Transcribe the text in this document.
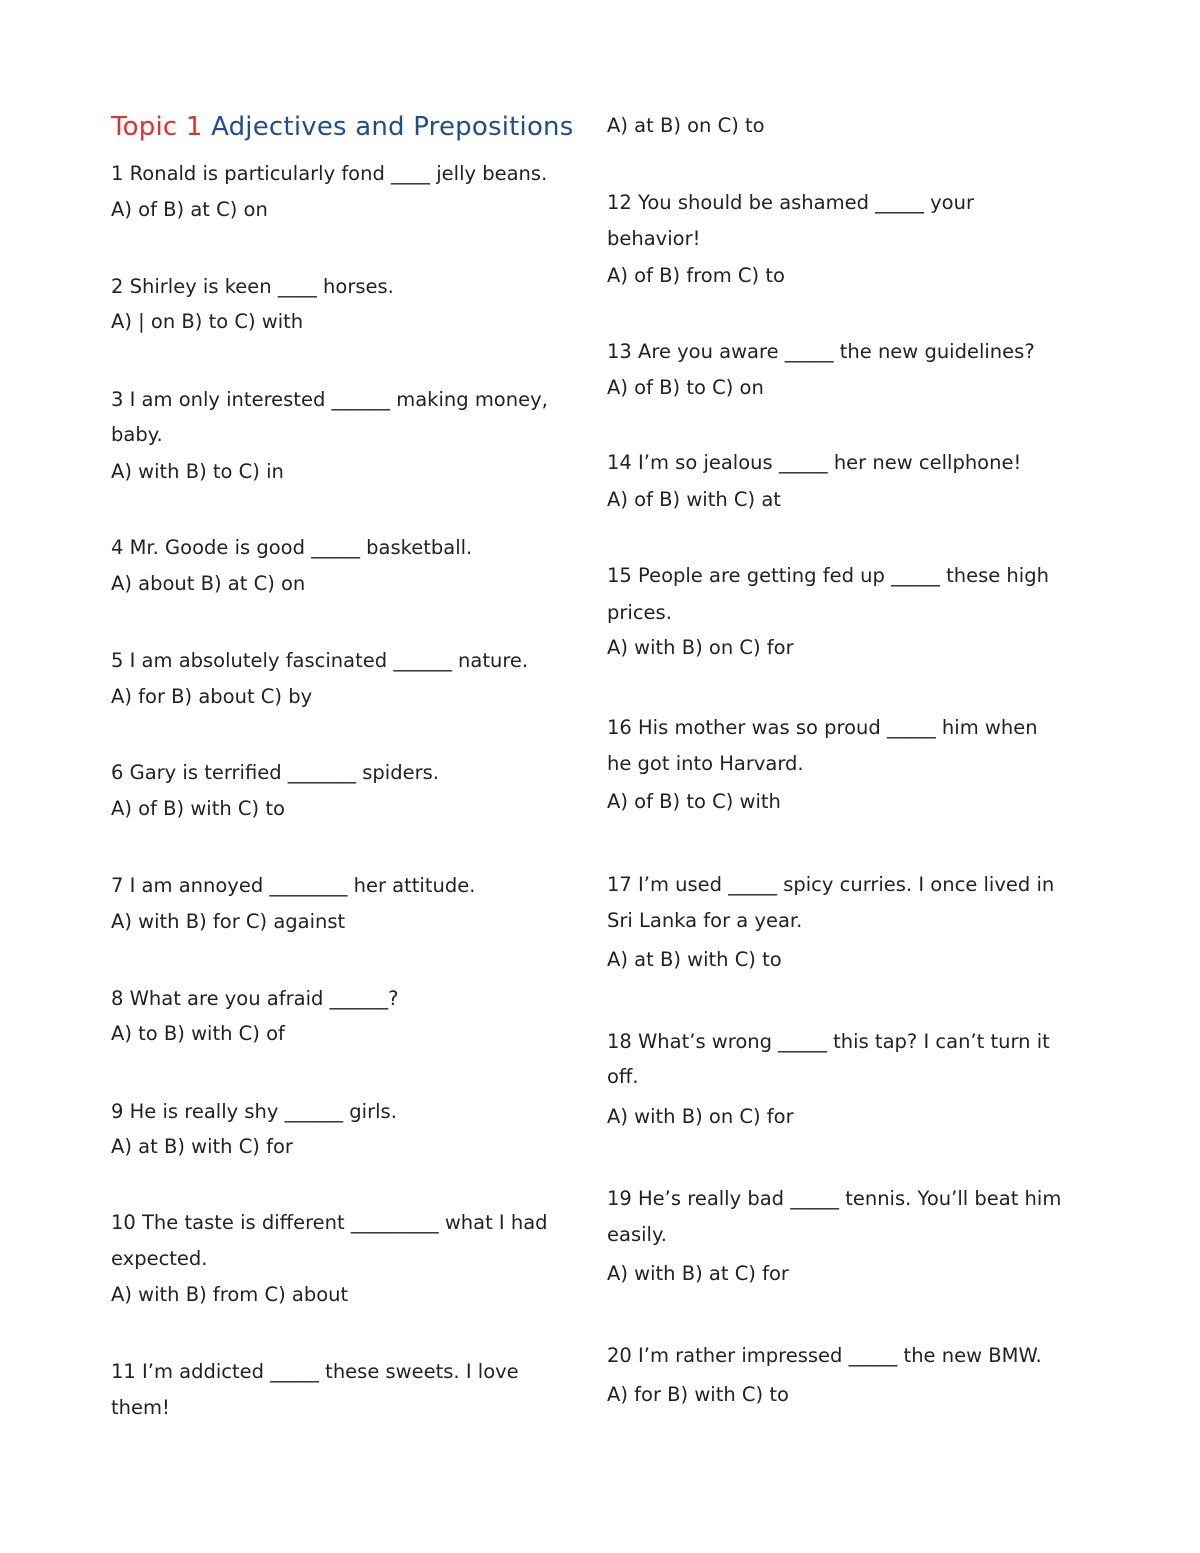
Topic 1 Adjectives and Prepositions
1 Ronald is particularly fond ____ jelly beans.
A) of B) at C) on
2 Shirley is keen ____ horses.
A) | on B) to C) with
3 I am only interested ______ making money,
baby.
A) with B) to C) in
4 Mr. Goode is good _____ basketball.
A) about B) at C) on
5 I am absolutely fascinated ______ nature.
A) for B) about C) by
6 Gary is terrified _______ spiders.
A) of B) with C) to
7 I am annoyed ________ her attitude.
A) with B) for C) against
8 What are you afraid ______?
A) to B) with C) of
9 He is really shy ______ girls.
A) at B) with C) for
10 The taste is different _________ what I had
expected.
A) with B) from C) about
11 I’m addicted _____ these sweets. I love
them!
A) at B) on C) to
12 You should be ashamed _____ your
behavior!
A) of B) from C) to
13 Are you aware _____ the new guidelines?
A) of B) to C) on
14 I’m so jealous _____ her new cellphone!
A) of B) with C) at
15 People are getting fed up _____ these high
prices.
A) with B) on C) for
16 His mother was so proud _____ him when
he got into Harvard.
A) of B) to C) with
17 I’m used _____ spicy curries. I once lived in
Sri Lanka for a year.
A) at B) with C) to
18 What’s wrong _____ this tap? I can’t turn it
off.
A) with B) on C) for
19 He’s really bad _____ tennis. You’ll beat him
easily.
A) with B) at C) for
20 I’m rather impressed _____ the new BMW.
A) for B) with C) to
